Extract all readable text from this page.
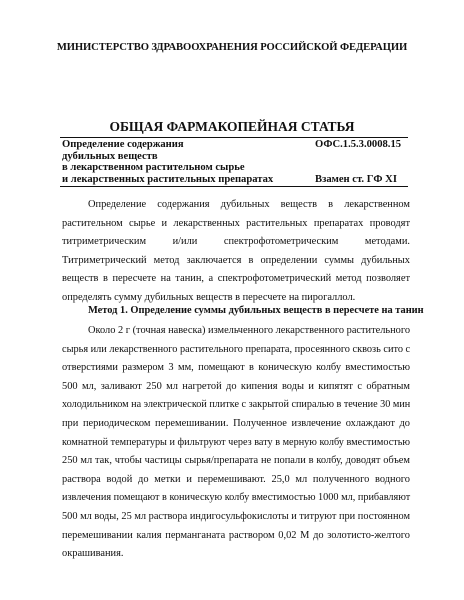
МИНИСТЕРСТВО ЗДРАВООХРАНЕНИЯ РОССИЙСКОЙ ФЕДЕРАЦИИ
ОБЩАЯ ФАРМАКОПЕЙНАЯ СТАТЬЯ
Определение содержания
дубильных веществ
в лекарственном растительном сырье
и лекарственных растительных препаратах
ОФС.1.5.3.0008.15
Взамен ст. ГФ XI
Определение содержания дубильных веществ в лекарственном
растительном сырье и лекарственных растительных препаратах проводят
титриметрическим и/или спектрофотометрическим методами.
Титриметрический метод заключается в определении суммы дубильных
веществ в пересчете на танин, а спектрофотометрический метод позволяет
определять сумму дубильных веществ в пересчете на пирогаллол.
Метод 1. Определение суммы дубильных веществ в пересчете на танин
Около 2 г (точная навеска) измельченного лекарственного растительного
сырья или лекарственного растительного препарата, просеянного сквозь сито с
отверстиями размером 3 мм, помещают в коническую колбу вместимостью
500 мл, заливают 250 мл нагретой до кипения воды и кипятят с обратным
холодильником на электрической плитке с закрытой спиралью в течение 30 мин
при периодическом перемешивании. Полученное извлечение охлаждают до
комнатной температуры и фильтруют через вату в мерную колбу вместимостью
250 мл так, чтобы частицы сырья/препарата не попали в колбу, доводят объем
раствора водой до метки и перемешивают. 25,0 мл полученного водного
извлечения помещают в коническую колбу вместимостью 1000 мл, прибавляют
500 мл воды, 25 мл раствора индигосульфокислоты и титруют при постоянном
перемешивании калия перманганата раствором 0,02 М до золотисто-желтого
окрашивания.
